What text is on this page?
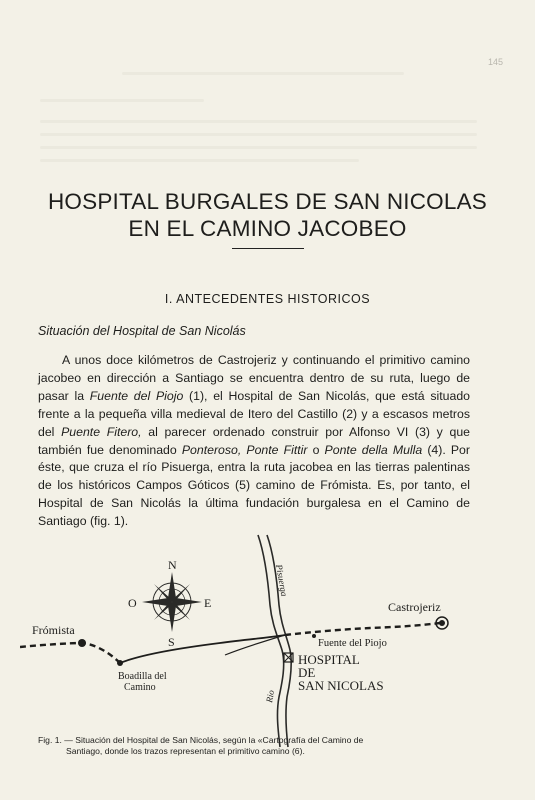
145
HOSPITAL BURGALES DE SAN NICOLAS
EN EL CAMINO JACOBEO
I. ANTECEDENTES HISTORICOS
Situación del Hospital de San Nicolás

A unos doce kilómetros de Castrojeriz y continuando el primitivo camino jacobeo en dirección a Santiago se encuentra dentro de su ruta, luego de pasar la Fuente del Piojo (1), el Hospital de San Nicolás, que está situado frente a la pequeña villa medieval de Itero del Castillo (2) y a escasos metros del Puente Fitero, al parecer ordenado construir por Alfonso VI (3) y que también fue denominado Ponteroso, Ponte Fittir o Ponte della Mulla (4). Por éste, que cruza el río Pisuerga, entra la ruta jacobea en las tierras palentinas de los históricos Campos Góticos (5) camino de Frómista. Es, por tanto, el Hospital de San Nicolás la última fundación burgalesa en el Camino de Santiago (fig. 1).

Pisuerga
Rio
N
S
E
O
Frómista
Boadilla del
Camino
Castrojeriz
Fuente del Piojo
HOSPITAL
DE
SAN NICOLAS
Fig. 1. — Situación del Hospital de San Nicolás, según la «Cartografía del Camino de
Santiago, donde los trazos representan el primitivo camino (6).
